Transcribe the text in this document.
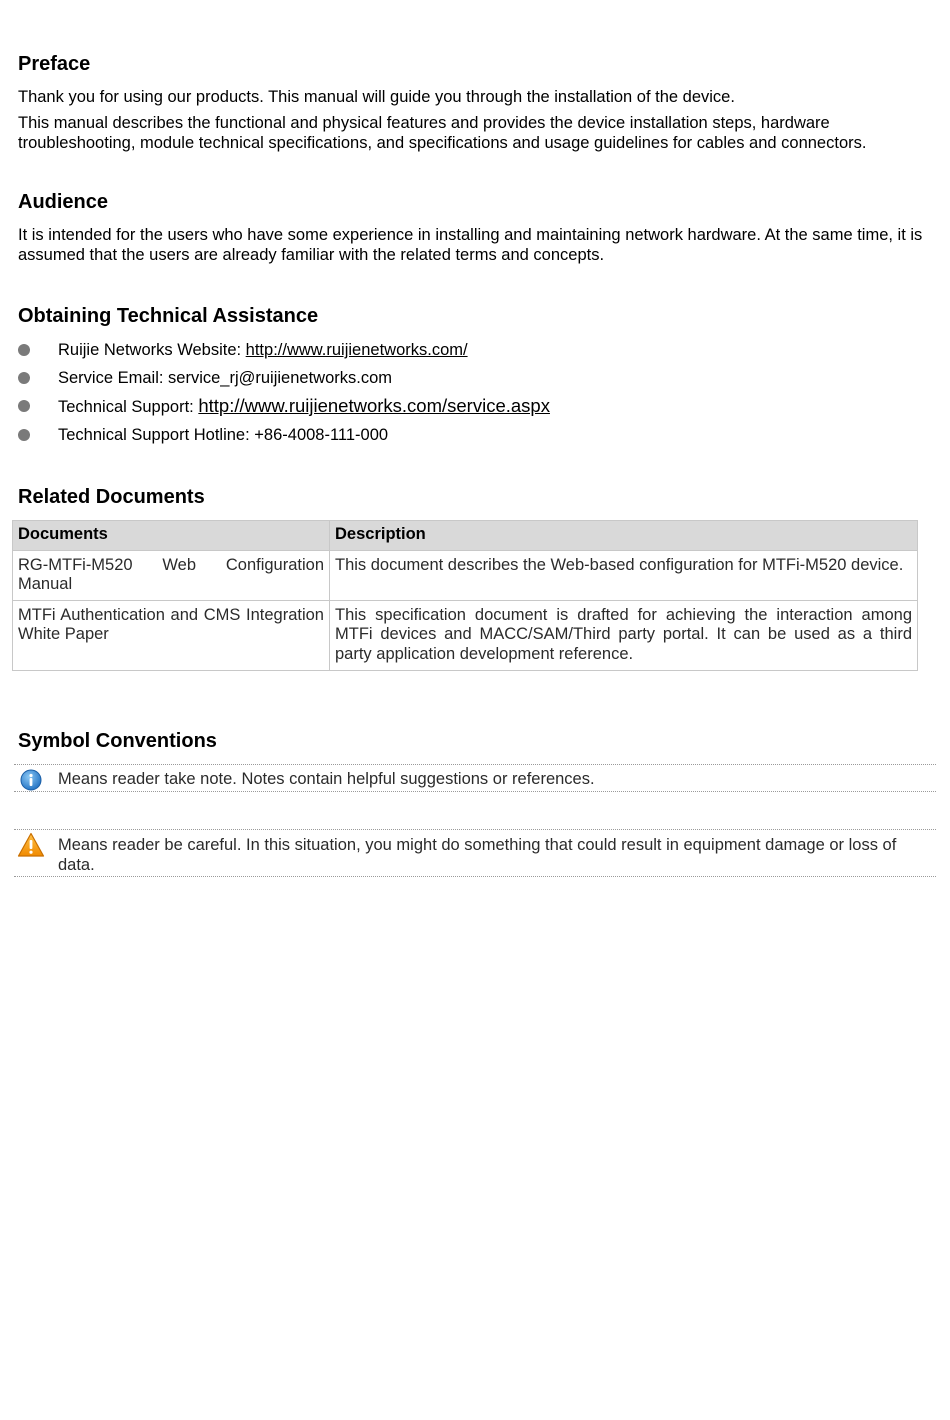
Preface

Thank you for using our products. This manual will guide you through the installation of the device.

This manual describes the functional and physical features and provides the device installation steps, hardware troubleshooting, module technical specifications, and specifications and usage guidelines for cables and connectors.

Audience

It is intended for the users who have some experience in installing and maintaining network hardware. At the same time, it is assumed that the users are already familiar with the related terms and concepts.

Obtaining Technical Assistance
Ruijie Networks Website: http://www.ruijienetworks.com/
Service Email: service_rj@ruijienetworks.com
Technical Support: http://www.ruijienetworks.com/service.aspx
Technical Support Hotline: +86-4008-111-000
Related Documents
Documents	Description
RG-MTFi-M520 Web Configuration Manual	This document describes the Web-based configuration for MTFi-M520 device.
MTFi Authentication and CMS Integration White Paper	This specification document is drafted for achieving the interaction among MTFi devices and MACC/SAM/Third party portal. It can be used as a third party application development reference.
Symbol Conventions

Means reader take note. Notes contain helpful suggestions or references.

Means reader be careful. In this situation, you might do something that could result in equipment damage or loss of data.
